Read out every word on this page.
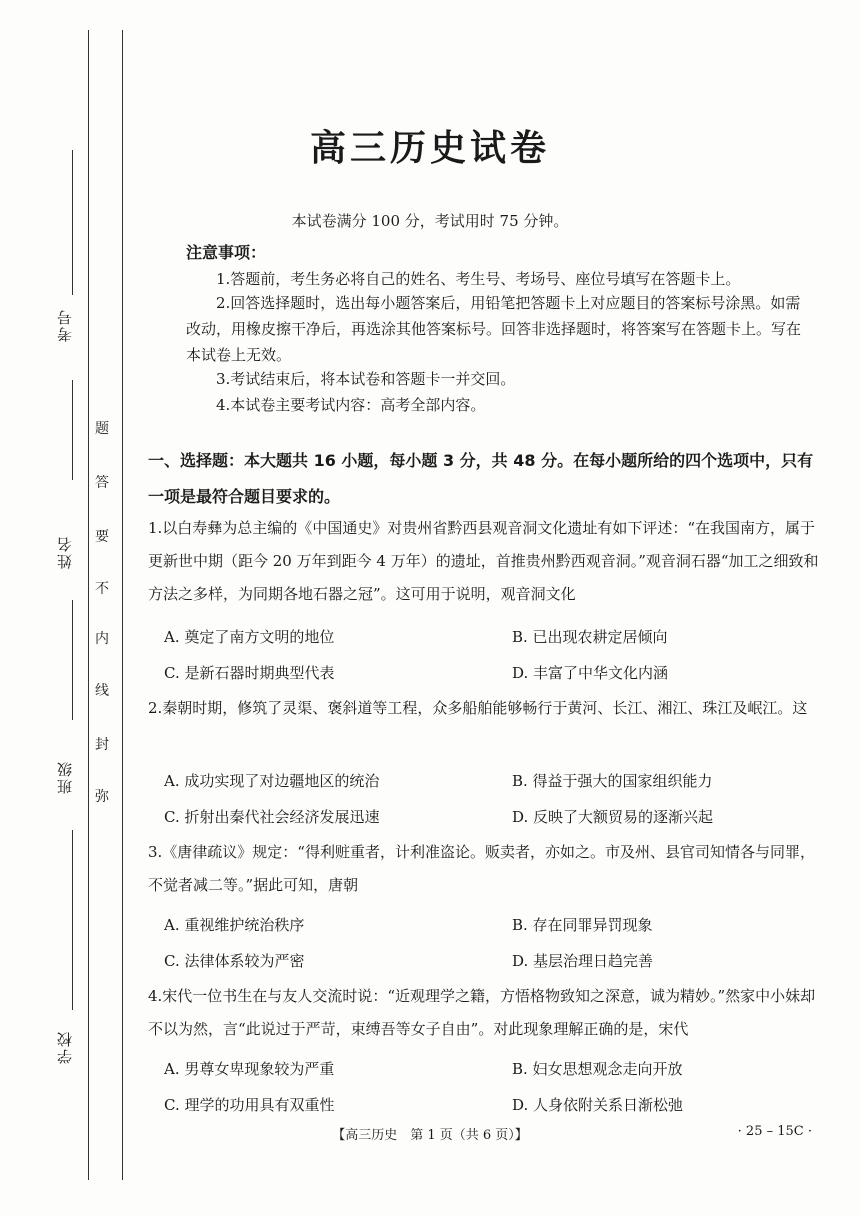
考号
姓名
班级
学校
题
答
要
不
内
线
封
弥
高三历史试卷
本试卷满分 100 分，考试用时 75 分钟。
注意事项：
1.答题前，考生务必将自己的姓名、考生号、考场号、座位号填写在答题卡上。
2.回答选择题时，选出每小题答案后，用铅笔把答题卡上对应题目的答案标号涂黑。如需改动，用橡皮擦干净后，再选涂其他答案标号。回答非选择题时，将答案写在答题卡上。写在本试卷上无效。
3.考试结束后，将本试卷和答题卡一并交回。
4.本试卷主要考试内容：高考全部内容。
一、选择题：本大题共 16 小题，每小题 3 分，共 48 分。在每小题所给的四个选项中，只有一项是最符合题目要求的。
1.以白寿彝为总主编的《中国通史》对贵州省黔西县观音洞文化遗址有如下评述：“在我国南方，属于更新世中期（距今 20 万年到距今 4 万年）的遗址，首推贵州黔西观音洞。”观音洞石器“加工之细致和方法之多样，为同期各地石器之冠”。这可用于说明，观音洞文化
A. 奠定了南方文明的地位	B. 已出现农耕定居倾向
C. 是新石器时期典型代表	D. 丰富了中华文化内涵
2.秦朝时期，修筑了灵渠、褒斜道等工程，众多船舶能够畅行于黄河、长江、湘江、珠江及岷江。这
A. 成功实现了对边疆地区的统治	B. 得益于强大的国家组织能力
C. 折射出秦代社会经济发展迅速	D. 反映了大额贸易的逐渐兴起
3.《唐律疏议》规定：“得利赃重者，计利准盗论。贩卖者，亦如之。市及州、县官司知情各与同罪，不觉者减二等。”据此可知，唐朝
A. 重视维护统治秩序	B. 存在同罪异罚现象
C. 法律体系较为严密	D. 基层治理日趋完善
4.宋代一位书生在与友人交流时说：“近观理学之籍，方悟格物致知之深意，诚为精妙。”然家中小妹却不以为然，言“此说过于严苛，束缚吾等女子自由”。对此现象理解正确的是，宋代
A. 男尊女卑现象较为严重	B. 妇女思想观念走向开放
C. 理学的功用具有双重性	D. 人身依附关系日渐松弛
【高三历史　第 1 页（共 6 页）】	· 25 – 15C ·
